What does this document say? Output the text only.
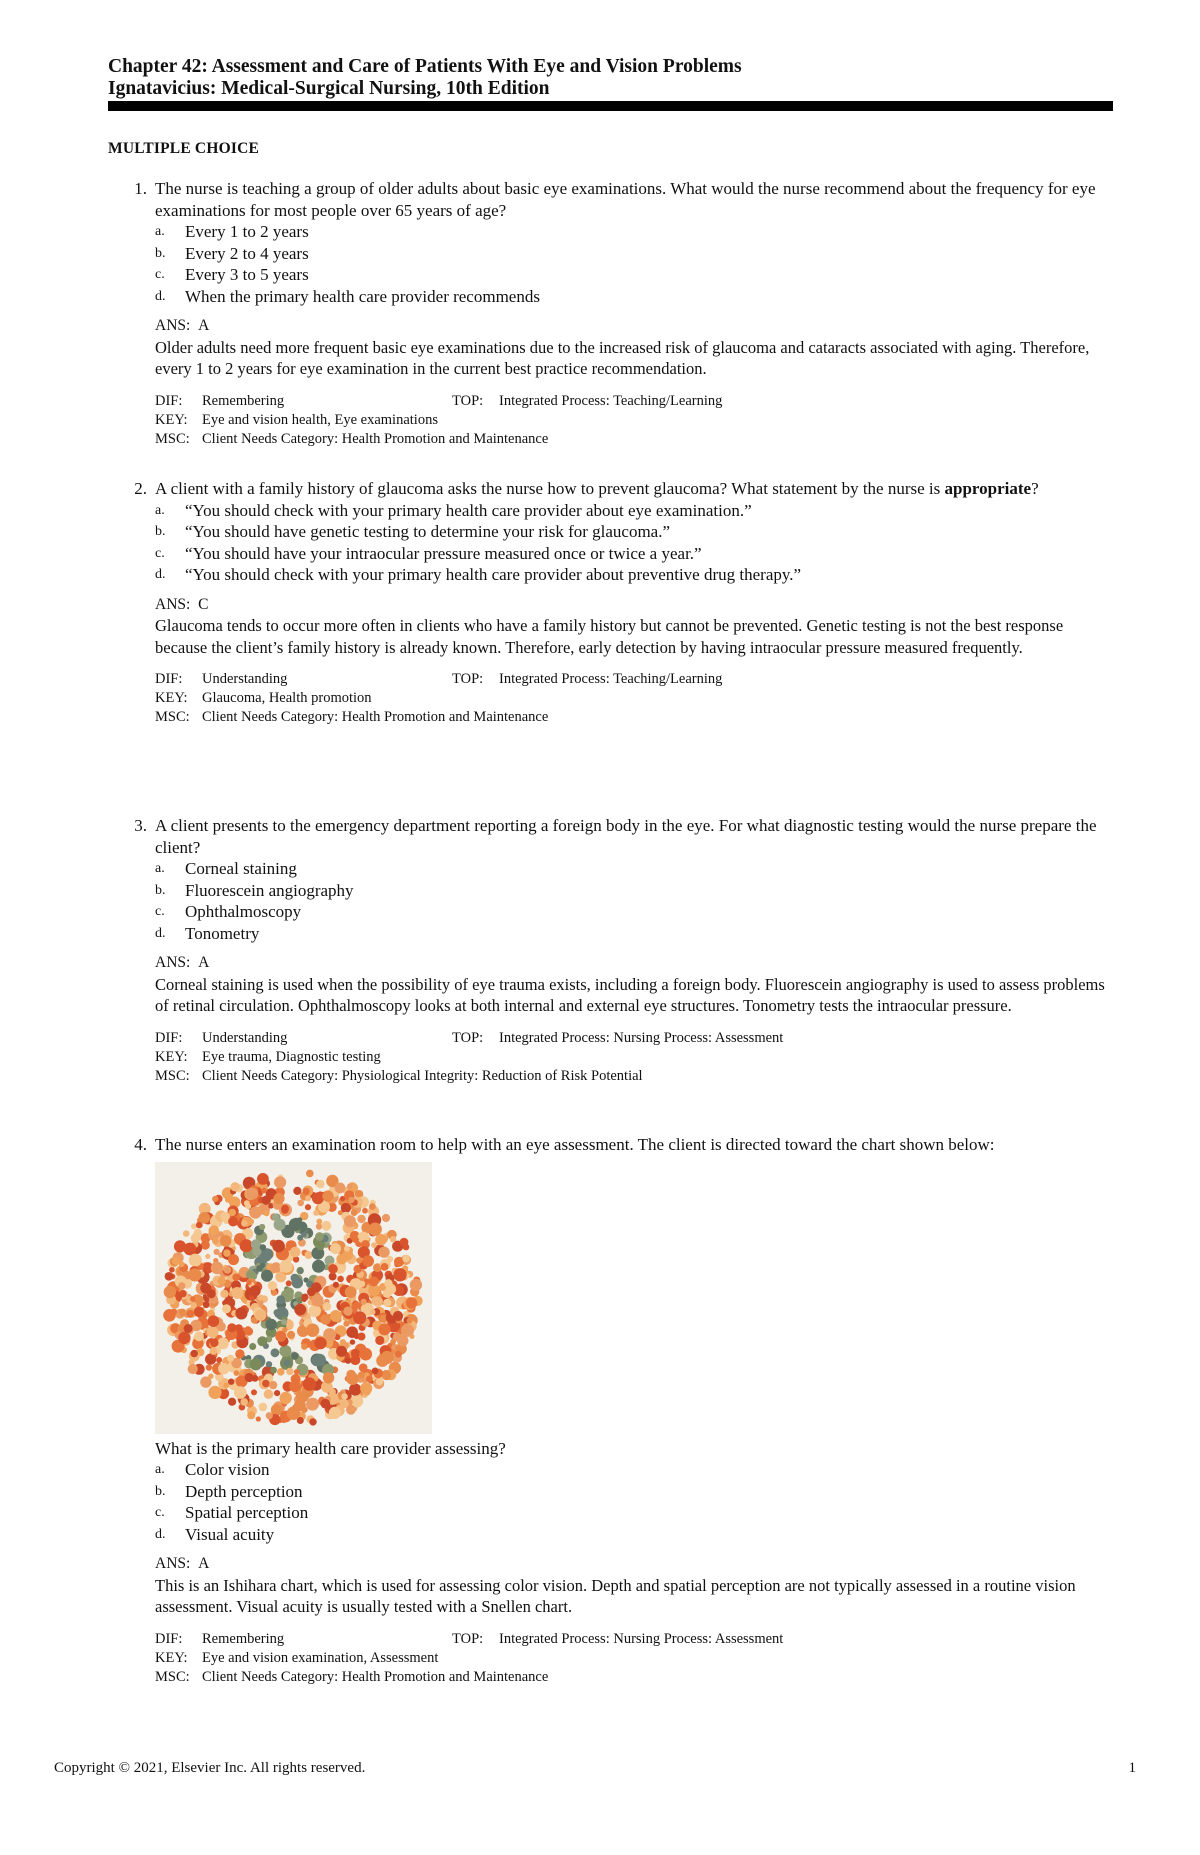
Chapter 42: Assessment and Care of Patients With Eye and Vision Problems
Ignatavicius: Medical-Surgical Nursing, 10th Edition
MULTIPLE CHOICE
1. The nurse is teaching a group of older adults about basic eye examinations. What would the nurse recommend about the frequency for eye examinations for most people over 65 years of age?
a.	Every 1 to 2 years
b.	Every 2 to 4 years
c.	Every 3 to 5 years
d.	When the primary health care provider recommends
ANS: A
Older adults need more frequent basic eye examinations due to the increased risk of glaucoma and cataracts associated with aging. Therefore, every 1 to 2 years for eye examination in the current best practice recommendation.
DIF:	Remembering	TOP:	Integrated Process: Teaching/Learning
KEY:	Eye and vision health, Eye examinations
MSC: Client Needs Category: Health Promotion and Maintenance
2. A client with a family history of glaucoma asks the nurse how to prevent glaucoma? What statement by the nurse is appropriate?
a.	“You should check with your primary health care provider about eye examination.”
b.	“You should have genetic testing to determine your risk for glaucoma.”
c.	“You should have your intraocular pressure measured once or twice a year.”
d.	“You should check with your primary health care provider about preventive drug therapy.”
ANS: C
Glaucoma tends to occur more often in clients who have a family history but cannot be prevented. Genetic testing is not the best response because the client’s family history is already known. Therefore, early detection by having intraocular pressure measured frequently.
DIF:	Understanding	TOP:	Integrated Process: Teaching/Learning
KEY:	Glaucoma, Health promotion
MSC: Client Needs Category: Health Promotion and Maintenance
3. A client presents to the emergency department reporting a foreign body in the eye. For what diagnostic testing would the nurse prepare the client?
a.	Corneal staining
b.	Fluorescein angiography
c.	Ophthalmoscopy
d.	Tonometry
ANS: A
Corneal staining is used when the possibility of eye trauma exists, including a foreign body. Fluorescein angiography is used to assess problems of retinal circulation. Ophthalmoscopy looks at both internal and external eye structures. Tonometry tests the intraocular pressure.
DIF:	Understanding	TOP:	Integrated Process: Nursing Process: Assessment
KEY:	Eye trauma, Diagnostic testing
MSC: Client Needs Category: Physiological Integrity: Reduction of Risk Potential
4. The nurse enters an examination room to help with an eye assessment. The client is directed toward the chart shown below:
What is the primary health care provider assessing?
a.	Color vision
b.	Depth perception
c.	Spatial perception
d.	Visual acuity
ANS: A
This is an Ishihara chart, which is used for assessing color vision. Depth and spatial perception are not typically assessed in a routine vision assessment. Visual acuity is usually tested with a Snellen chart.
DIF:	Remembering	TOP:	Integrated Process: Nursing Process: Assessment
KEY:	Eye and vision examination, Assessment
MSC: Client Needs Category: Health Promotion and Maintenance
Copyright © 2021, Elsevier Inc. All rights reserved.	1
